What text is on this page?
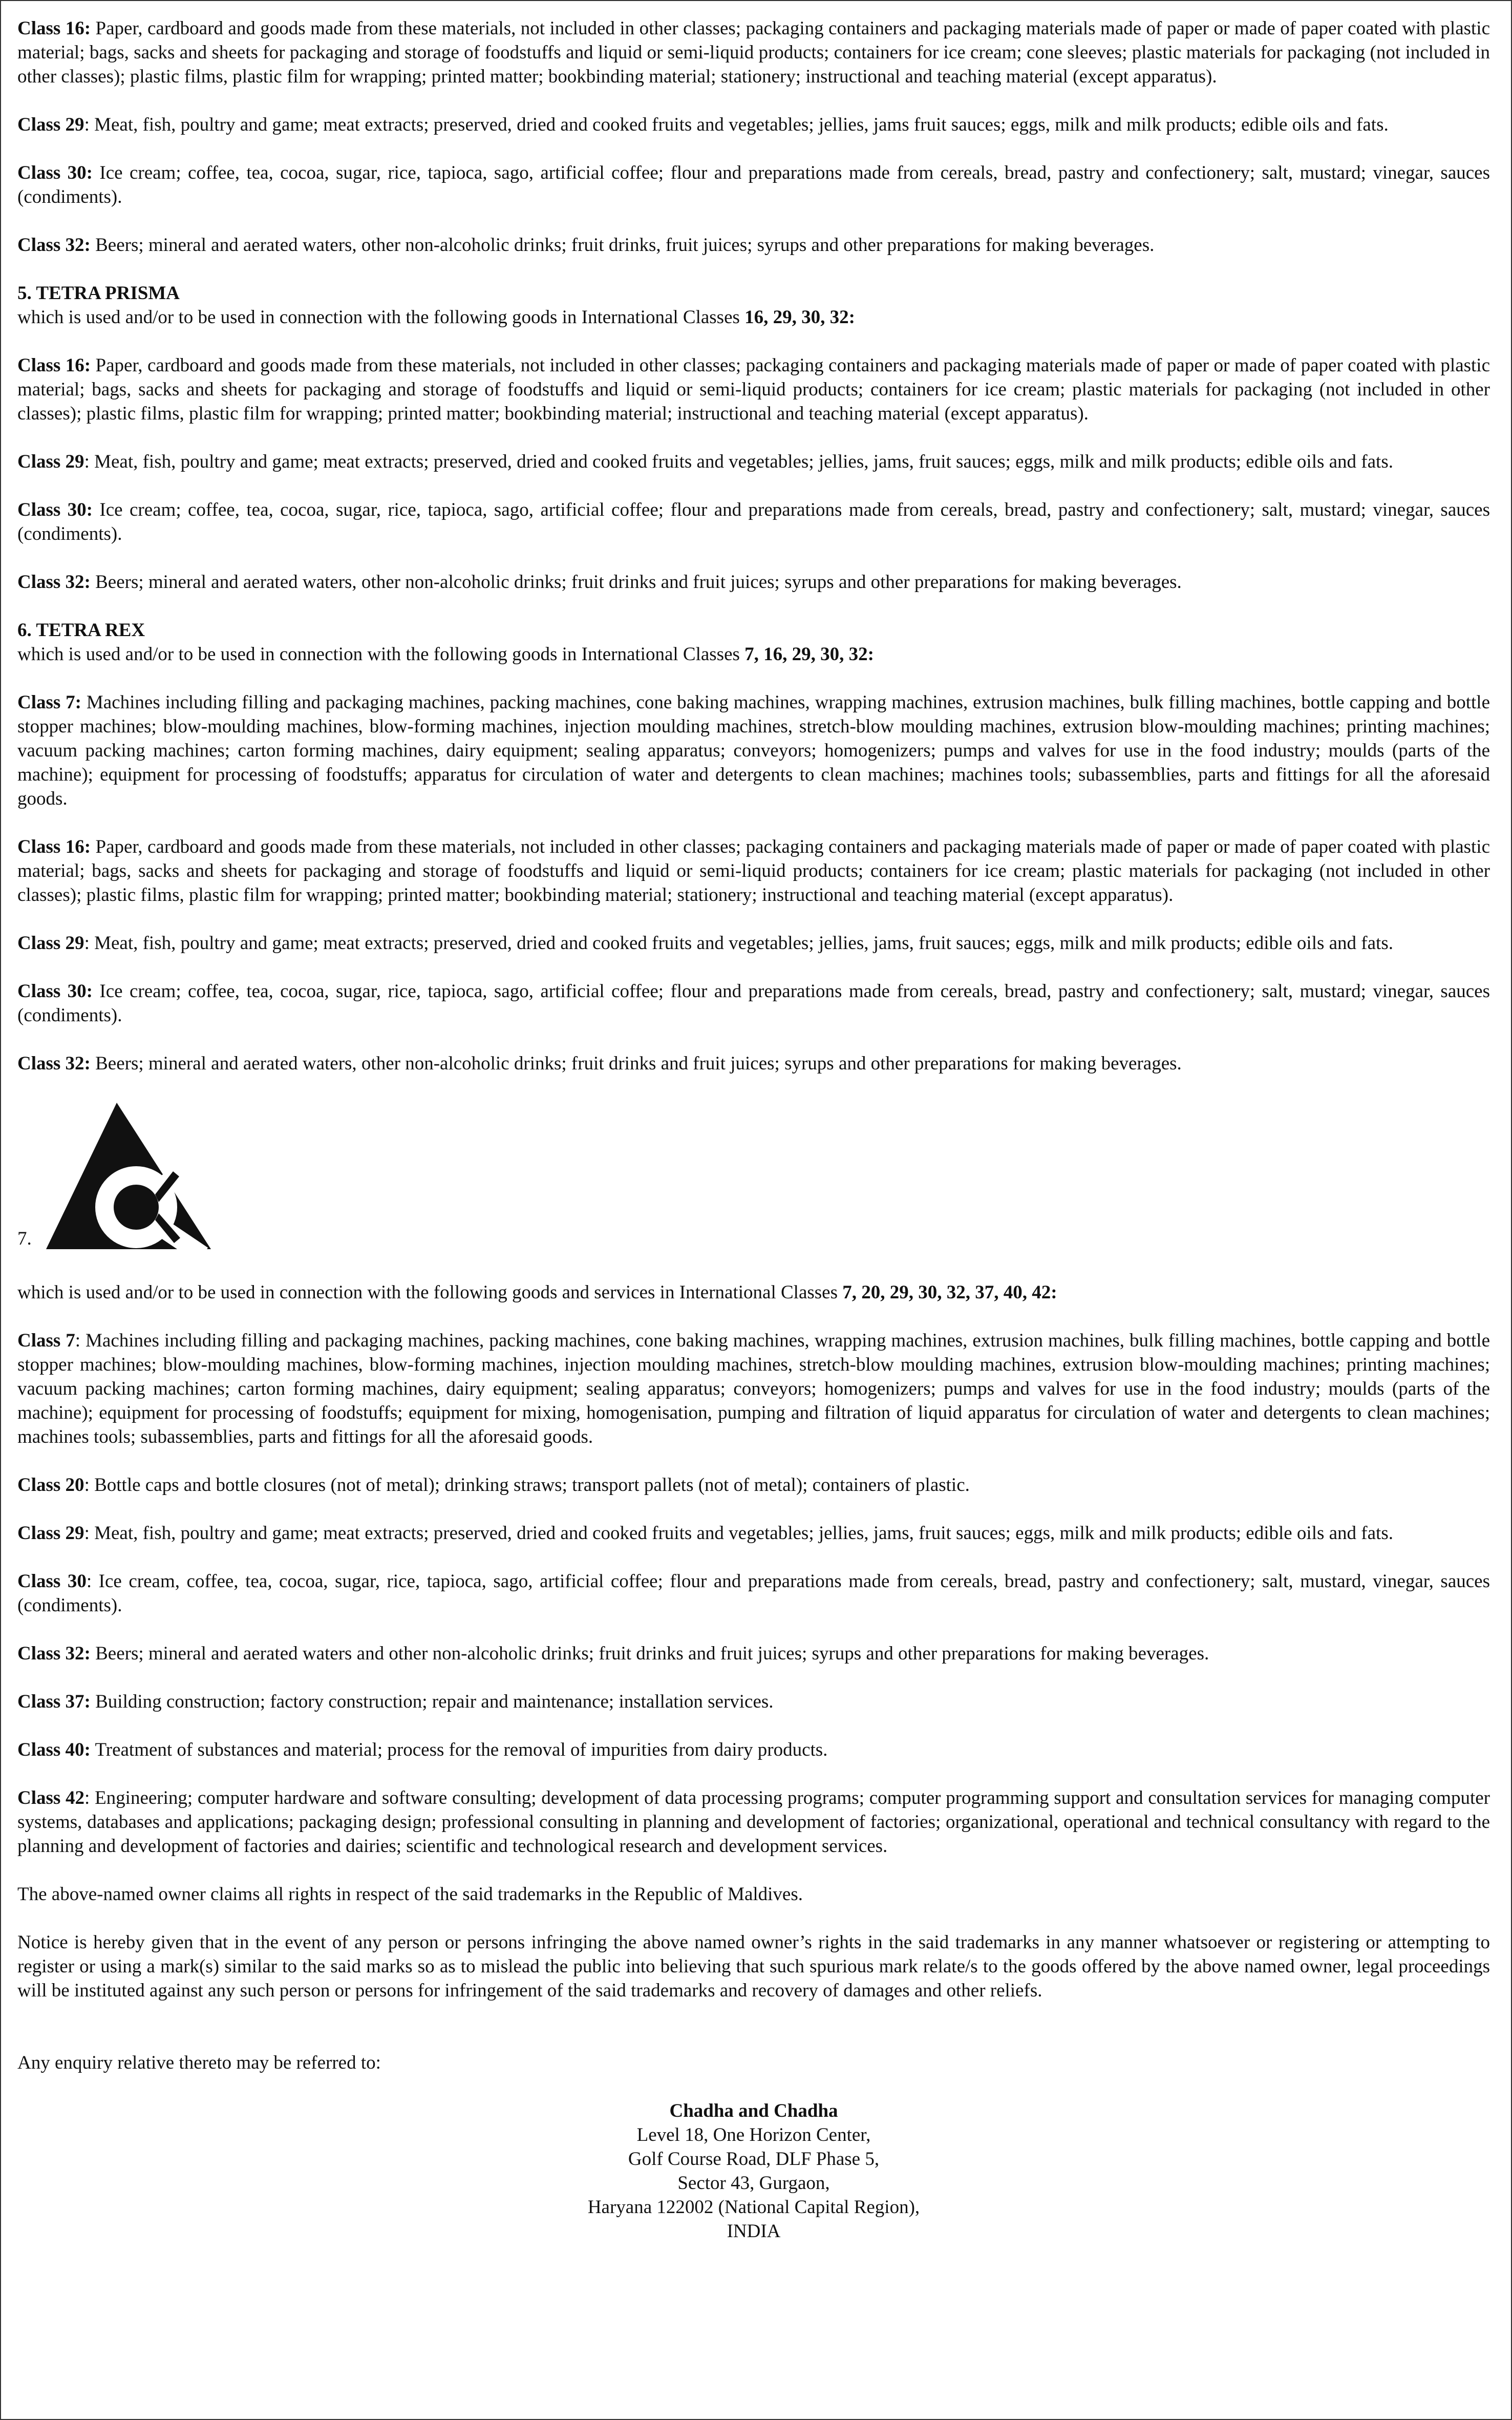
Class 16: Paper, cardboard and goods made from these materials, not included in other classes; packaging containers and packaging materials made of paper or made of paper coated with plastic material; bags, sacks and sheets for packaging and storage of foodstuffs and liquid or semi-liquid products; containers for ice cream; cone sleeves; plastic materials for packaging (not included in other classes); plastic films, plastic film for wrapping; printed matter; bookbinding material; stationery; instructional and teaching material (except apparatus).

Class 29: Meat, fish, poultry and game; meat extracts; preserved, dried and cooked fruits and vegetables; jellies, jams fruit sauces; eggs, milk and milk products; edible oils and fats.

Class 30: Ice cream; coffee, tea, cocoa, sugar, rice, tapioca, sago, artificial coffee; flour and preparations made from cereals, bread, pastry and confectionery; salt, mustard; vinegar, sauces (condiments).

Class 32: Beers; mineral and aerated waters, other non-alcoholic drinks; fruit drinks, fruit juices; syrups and other preparations for making beverages.

5. TETRA PRISMA
which is used and/or to be used in connection with the following goods in International Classes 16, 29, 30, 32:

Class 16: Paper, cardboard and goods made from these materials, not included in other classes; packaging containers and packaging materials made of paper or made of paper coated with plastic material; bags, sacks and sheets for packaging and storage of foodstuffs and liquid or semi-liquid products; containers for ice cream; plastic materials for packaging (not included in other classes); plastic films, plastic film for wrapping; printed matter; bookbinding material; instructional and teaching material (except apparatus).

Class 29: Meat, fish, poultry and game; meat extracts; preserved, dried and cooked fruits and vegetables; jellies, jams, fruit sauces; eggs, milk and milk products; edible oils and fats.

Class 30: Ice cream; coffee, tea, cocoa, sugar, rice, tapioca, sago, artificial coffee; flour and preparations made from cereals, bread, pastry and confectionery; salt, mustard; vinegar, sauces (condiments).

Class 32: Beers; mineral and aerated waters, other non-alcoholic drinks; fruit drinks and fruit juices; syrups and other preparations for making beverages.

6. TETRA REX
which is used and/or to be used in connection with the following goods in International Classes 7, 16, 29, 30, 32:

Class 7: Machines including filling and packaging machines, packing machines, cone baking machines, wrapping machines, extrusion machines, bulk filling machines, bottle capping and bottle stopper machines; blow-moulding machines, blow-forming machines, injection moulding machines, stretch-blow moulding machines, extrusion blow-moulding machines; printing machines; vacuum packing machines; carton forming machines, dairy equipment; sealing apparatus; conveyors; homogenizers; pumps and valves for use in the food industry; moulds (parts of the machine); equipment for processing of foodstuffs; apparatus for circulation of water and detergents to clean machines; machines tools; subassemblies, parts and fittings for all the aforesaid goods.

Class 16: Paper, cardboard and goods made from these materials, not included in other classes; packaging containers and packaging materials made of paper or made of paper coated with plastic material; bags, sacks and sheets for packaging and storage of foodstuffs and liquid or semi-liquid products; containers for ice cream; plastic materials for packaging (not included in other classes); plastic films, plastic film for wrapping; printed matter; bookbinding material; stationery; instructional and teaching material (except apparatus).

Class 29: Meat, fish, poultry and game; meat extracts; preserved, dried and cooked fruits and vegetables; jellies, jams, fruit sauces; eggs, milk and milk products; edible oils and fats.

Class 30: Ice cream; coffee, tea, cocoa, sugar, rice, tapioca, sago, artificial coffee; flour and preparations made from cereals, bread, pastry and confectionery; salt, mustard; vinegar, sauces (condiments).

Class 32: Beers; mineral and aerated waters, other non-alcoholic drinks; fruit drinks and fruit juices; syrups and other preparations for making beverages.

7.
which is used and/or to be used in connection with the following goods and services in International Classes 7, 20, 29, 30, 32, 37, 40, 42:

Class 7: Machines including filling and packaging machines, packing machines, cone baking machines, wrapping machines, extrusion machines, bulk filling machines, bottle capping and bottle stopper machines; blow-moulding machines, blow-forming machines, injection moulding machines, stretch-blow moulding machines, extrusion blow-moulding machines; printing machines; vacuum packing machines; carton forming machines, dairy equipment; sealing apparatus; conveyors; homogenizers; pumps and valves for use in the food industry; moulds (parts of the machine); equipment for processing of foodstuffs; equipment for mixing, homogenisation, pumping and filtration of liquid apparatus for circulation of water and detergents to clean machines; machines tools; subassemblies, parts and fittings for all the aforesaid goods.

Class 20: Bottle caps and bottle closures (not of metal); drinking straws; transport pallets (not of metal); containers of plastic.

Class 29: Meat, fish, poultry and game; meat extracts; preserved, dried and cooked fruits and vegetables; jellies, jams, fruit sauces; eggs, milk and milk products; edible oils and fats.

Class 30: Ice cream, coffee, tea, cocoa, sugar, rice, tapioca, sago, artificial coffee; flour and preparations made from cereals, bread, pastry and confectionery; salt, mustard, vinegar, sauces (condiments).

Class 32: Beers; mineral and aerated waters and other non-alcoholic drinks; fruit drinks and fruit juices; syrups and other preparations for making beverages.

Class 37: Building construction; factory construction; repair and maintenance; installation services.

Class 40: Treatment of substances and material; process for the removal of impurities from dairy products.

Class 42: Engineering; computer hardware and software consulting; development of data processing programs; computer programming support and consultation services for managing computer systems, databases and applications; packaging design; professional consulting in planning and development of factories; organizational, operational and technical consultancy with regard to the planning and development of factories and dairies; scientific and technological research and development services.

The above-named owner claims all rights in respect of the said trademarks in the Republic of Maldives.

Notice is hereby given that in the event of any person or persons infringing the above named owner’s rights in the said trademarks in any manner whatsoever or registering or attempting to register or using a mark(s) similar to the said marks so as to mislead the public into believing that such spurious mark relate/s to the goods offered by the above named owner, legal proceedings will be instituted against any such person or persons for infringement of the said trademarks and recovery of damages and other reliefs.

Any enquiry relative thereto may be referred to:

Chadha and Chadha
Level 18, One Horizon Center,
Golf Course Road, DLF Phase 5,
Sector 43, Gurgaon,
Haryana 122002 (National Capital Region),
INDIA
